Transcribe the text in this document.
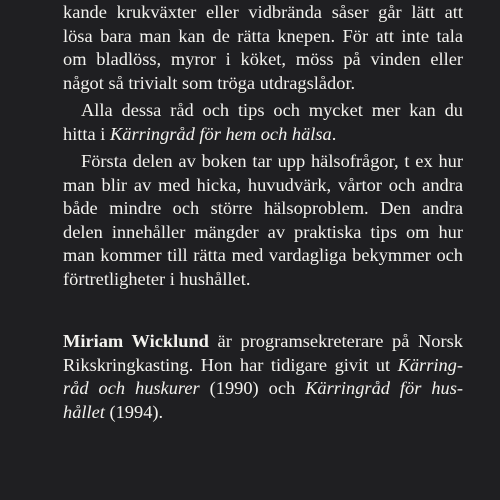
kande krukväxter eller vidbrända såser går lätt att
lösa bara man kan de rätta knepen. För att inte tala
om bladlöss, myror i köket, möss på vinden eller
något så trivialt som tröga utdragslådor.
Alla dessa råd och tips och mycket mer kan du
hitta i Kärringråd för hem och hälsa.
Första delen av boken tar upp hälsofrågor, t ex hur
man blir av med hicka, huvudvärk, vårtor och andra
både mindre och större hälsoproblem. Den andra
delen innehåller mängder av praktiska tips om hur
man kommer till rätta med vardagliga bekymmer och
förtretligheter i hushållet.
Miriam Wicklund är programsekreterare på Norsk
Rikskringkasting. Hon har tidigare givit ut Kärring-
råd och huskurer (1990) och Kärringråd för hus-
hållet (1994).
